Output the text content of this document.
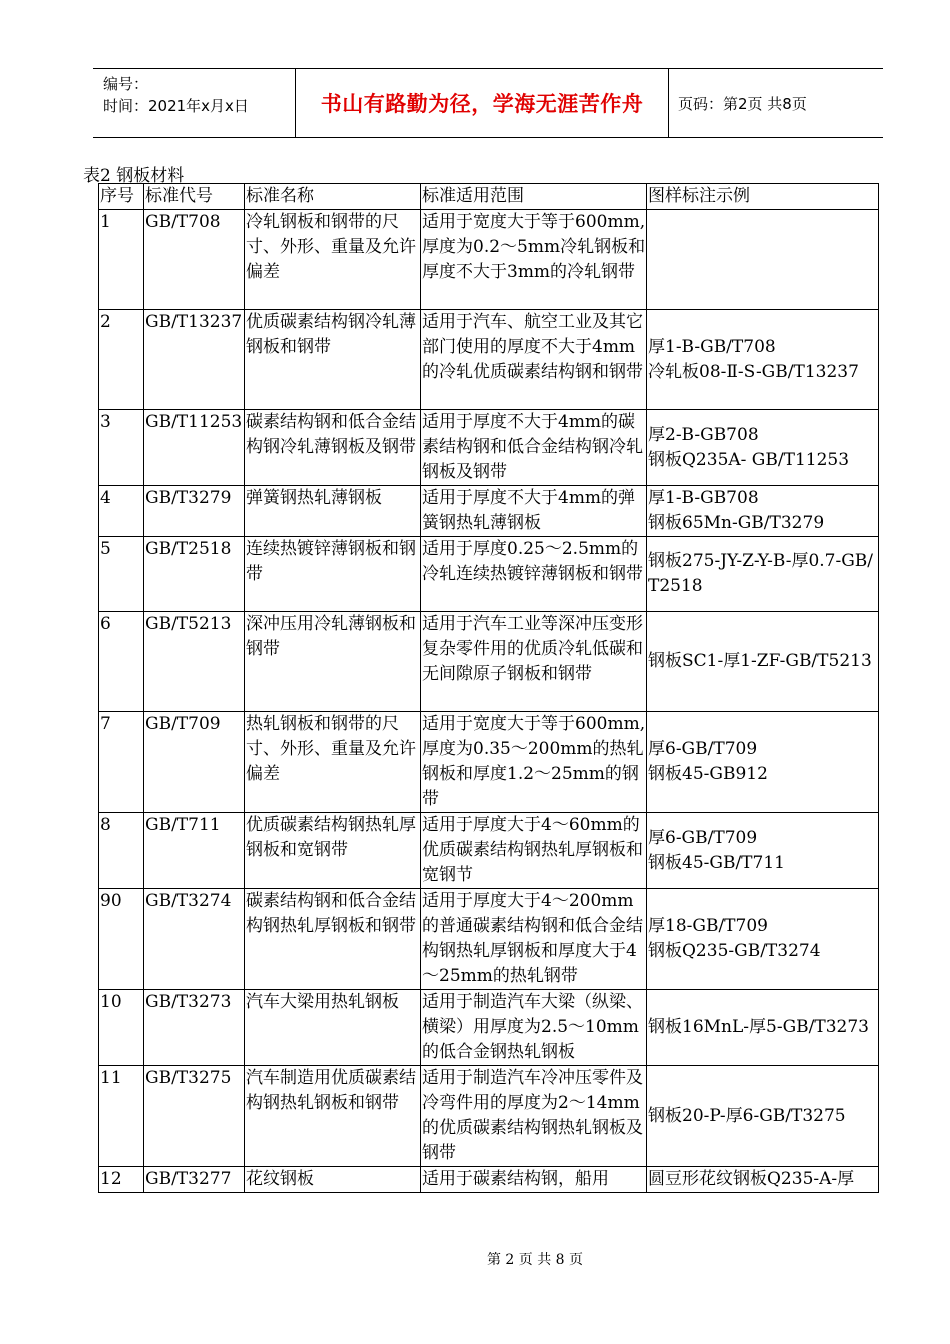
编号：
时间：2021年x月x日	书山有路勤为径，学海无涯苦作舟	页码：第2页 共8页
表2 钢板材料
序号	标准代号	标准名称	标准适用范围	图样标注示例
1	GB/T708	冷轧钢板和钢带的尺寸、外形、重量及允许偏差	适用于宽度大于等于600mm,厚度为0.2～5mm冷轧钢板和厚度不大于3mm的冷轧钢带	
2	GB/T13237	优质碳素结构钢冷轧薄钢板和钢带	适用于汽车、航空工业及其它部门使用的厚度不大于4mm的冷轧优质碳素结构钢和钢带	厚1-B-GB/T708
冷轧板08-Ⅱ-S-GB/T13237
3	GB/T11253	碳素结构钢和低合金结构钢冷轧薄钢板及钢带	适用于厚度不大于4mm的碳素结构钢和低合金结构钢冷轧钢板及钢带	厚2-B-GB708
钢板Q235A- GB/T11253
4	GB/T3279	弹簧钢热轧薄钢板	适用于厚度不大于4mm的弹簧钢热轧薄钢板	厚1-B-GB708
钢板65Mn-GB/T3279
5	GB/T2518	连续热镀锌薄钢板和钢带	适用于厚度0.25～2.5mm的冷轧连续热镀锌薄钢板和钢带	钢板275-JY-Z-Y-B-厚0.7-GB/T2518
6	GB/T5213	深冲压用冷轧薄钢板和钢带	适用于汽车工业等深冲压变形复杂零件用的优质冷轧低碳和无间隙原子钢板和钢带	钢板SC1-厚1-ZF-GB/T5213
7	GB/T709	热轧钢板和钢带的尺寸、外形、重量及允许偏差	适用于宽度大于等于600mm,厚度为0.35～200mm的热轧钢板和厚度1.2～25mm的钢带	厚6-GB/T709
钢板45-GB912
8	GB/T711	优质碳素结构钢热轧厚钢板和宽钢带	适用于厚度大于4～60mm的优质碳素结构钢热轧厚钢板和宽钢节	厚6-GB/T709
钢板45-GB/T711
90	GB/T3274	碳素结构钢和低合金结构钢热轧厚钢板和钢带	适用于厚度大于4～200mm的普通碳素结构钢和低合金结构钢热轧厚钢板和厚度大于4～25mm的热轧钢带	厚18-GB/T709
钢板Q235-GB/T3274
10	GB/T3273	汽车大梁用热轧钢板	适用于制造汽车大梁（纵梁、横梁）用厚度为2.5～10mm的低合金钢热轧钢板	钢板16MnL-厚5-GB/T3273
11	GB/T3275	汽车制造用优质碳素结构钢热轧钢板和钢带	适用于制造汽车冷冲压零件及冷弯件用的厚度为2～14mm的优质碳素结构钢热轧钢板及钢带	钢板20-P-厚6-GB/T3275
12	GB/T3277	花纹钢板	适用于碳素结构钢，船用	圆豆形花纹钢板Q235-A-厚
第 2 页 共 8 页
